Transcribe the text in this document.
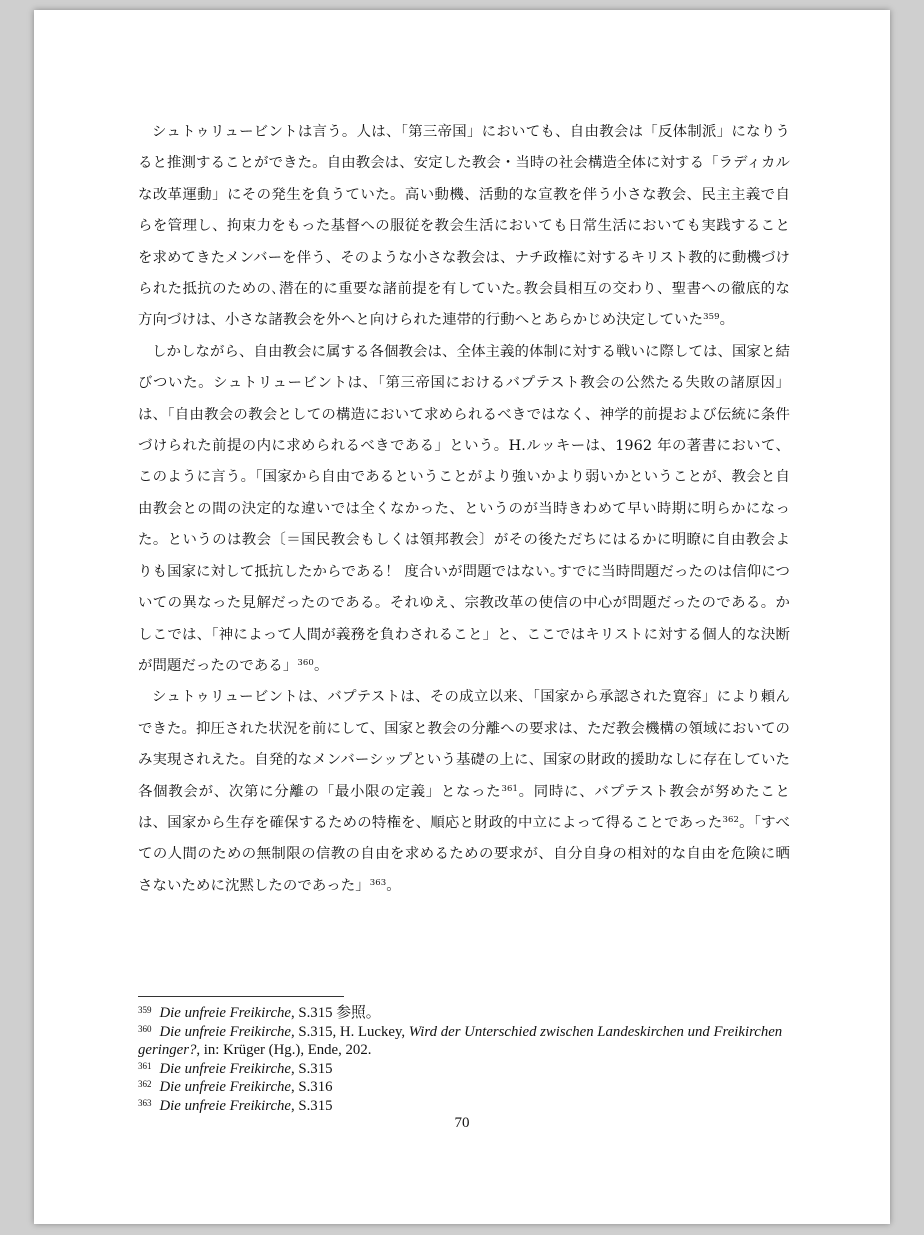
シュトゥリュービントは言う。人は、「第三帝国」においても、自由教会は「反体制派」になりうると推測することができた。自由教会は、安定した教会・当時の社会構造全体に対する「ラディカルな改革運動」にその発生を負うていた。高い動機、活動的な宣教を伴う小さな教会、民主主義で自らを管理し、拘束力をもった基督への服従を教会生活においても日常生活においても実践することを求めてきたメンバーを伴う、そのような小さな教会は、ナチ政権に対するキリスト教的に動機づけられた抵抗のための､潜在的に重要な諸前提を有していた｡教会員相互の交わり、聖書への徹底的な方向づけは、小さな諸教会を外へと向けられた連帯的行動へとあらかじめ決定していた$^{359}$。

しかしながら、自由教会に属する各個教会は、全体主義的体制に対する戦いに際しては、国家と結びついた。シュトリュービントは、「第三帝国におけるバプテスト教会の公然たる失敗の諸原因」は、「自由教会の教会としての構造において求められるべきではなく、神学的前提および伝統に条件づけられた前提の内に求められるべきである」という。H.ルッキーは、1962 年の著書において、このように言う。｢国家から自由であるということがより強いかより弱いかということが、教会と自由教会との間の決定的な違いでは全くなかった、というのが当時きわめて早い時期に明らかになった。というのは教会〔＝国民教会もしくは領邦教会〕がその後ただちにはるかに明瞭に自由教会よりも国家に対して抵抗したからである！ 度合いが問題ではない｡すでに当時問題だったのは信仰についての異なった見解だったのである。それゆえ、宗教改革の使信の中心が問題だったのである。かしこでは、「神によって人間が義務を負わされること」と、ここではキリストに対する個人的な決断が問題だったのである」$^{360}$。

シュトゥリュービントは、バプテストは、その成立以来、「国家から承認された寛容」により頼んできた。抑圧された状況を前にして、国家と教会の分離への要求は、ただ教会機構の領域においてのみ実現されえた。自発的なメンバーシップという基礎の上に、国家の財政的援助なしに存在していた各個教会が、次第に分離の「最小限の定義」となった$^{361}$。同時に、バプテスト教会が努めたことは、国家から生存を確保するための特権を、順応と財政的中立によって得ることであった$^{362}$。「すべての人間のための無制限の信教の自由を求めるための要求が、自分自身の相対的な自由を危険に晒さないために沈黙したのであった」$^{363}$。

$^{359}$ Die unfreie Freikirche, S.315 参照。

$^{360}$ Die unfreie Freikirche, S.315, H. Luckey, Wird der Unterschied zwischen Landeskirchen und Freikirchen geringer?, in: Krüger (Hg.), Ende, 202.

$^{361}$ Die unfreie Freikirche, S.315

$^{362}$ Die unfreie Freikirche, S.316

$^{363}$ Die unfreie Freikirche, S.315

70
